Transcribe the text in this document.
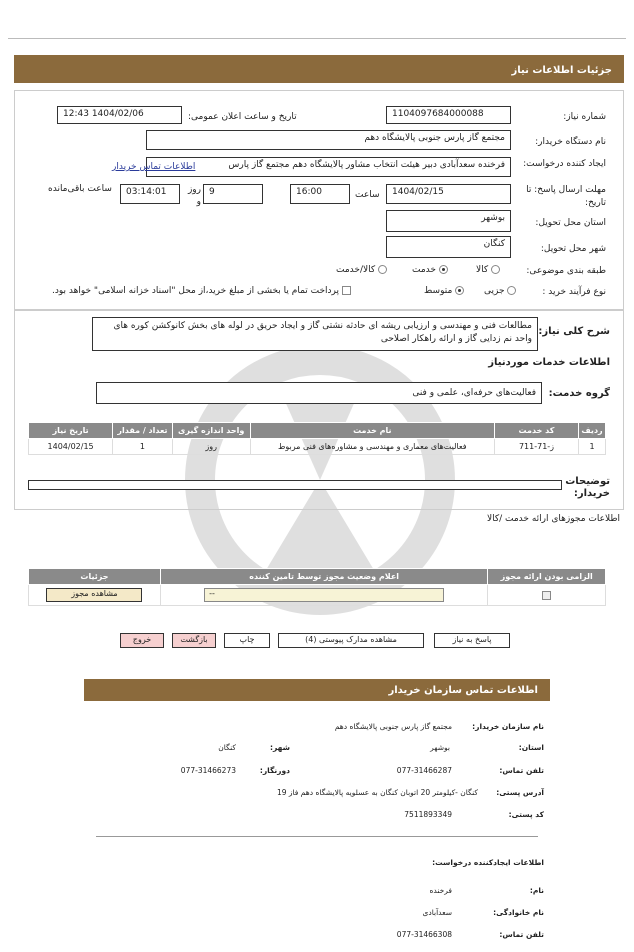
جزئیات اطلاعات نیاز
شماره نیاز:
1104097684000088
تاریخ و ساعت اعلان عمومی:
1404/02/06 12:43
نام دستگاه خریدار:
مجتمع گاز پارس جنوبی پالایشگاه دهم
ایجاد کننده درخواست:
فرخنده سعدآبادی دبیر هیئت انتخاب مشاور پالایشگاه دهم مجتمع گاز پارس
اطلاعات تماس خریدار
مهلت ارسال پاسخ: تا تاریخ:
1404/02/15
ساعت
16:00
9
روز و
03:14:01
ساعت باقی‌مانده
استان محل تحویل:
بوشهر
شهر محل تحویل:
کنگان
طبقه بندی موضوعی:
کالا
خدمت
کالا/خدمت
نوع فرآیند خرید :
جزیی
متوسط
پرداخت تمام یا بخشی از مبلغ خرید،از محل "اسناد خزانه اسلامی" خواهد بود.
شرح کلی نیاز:
مطالعات فنی و مهندسی و ارزیابی ریشه ای حادثه نشتی گاز و ایجاد حریق در لوله های بخش کانوکشن کوره های واحد نم زدایی گاز و ارائه راهکار اصلاحی
اطلاعات خدمات موردنیاز
گروه خدمت:
فعالیت‌های حرفه‌ای، علمی و فنی
ردیف	کد خدمت	نام خدمت	واحد اندازه گیری	تعداد / مقدار	تاریخ نیاز
1	ز-71-711	فعالیت‌های معماری و مهندسی و مشاوره‌های فنی مربوط	روز	1	1404/02/15
توضیحات خریدار:
اطلاعات مجوزهای ارائه خدمت /کالا
الزامی بودن ارائه مجوز	اعلام وضعیت مجوز توسط تامین کننده	جزئیات

	--	مشاهده مجوز
پاسخ به نیاز
مشاهده مدارک پیوستی (4)
چاپ
بازگشت
خروج
اطلاعات تماس سازمان خریدار
نام سازمان خریدار:
مجتمع گاز پارس جنوبی پالایشگاه دهم
استان:
بوشهر
شهر:
کنگان
تلفن تماس:
077-31466287
دورنگار:
077-31466273
آدرس پستی:
کنگان -کیلومتر 20 اتوبان کنگان به عسلویه پالایشگاه دهم فاز 19
کد پستی:
7511893349
اطلاعات ایجادکننده درخواست:
نام:
فرخنده
نام خانوادگی:
سعدآبادی
تلفن تماس:
077-31466308
